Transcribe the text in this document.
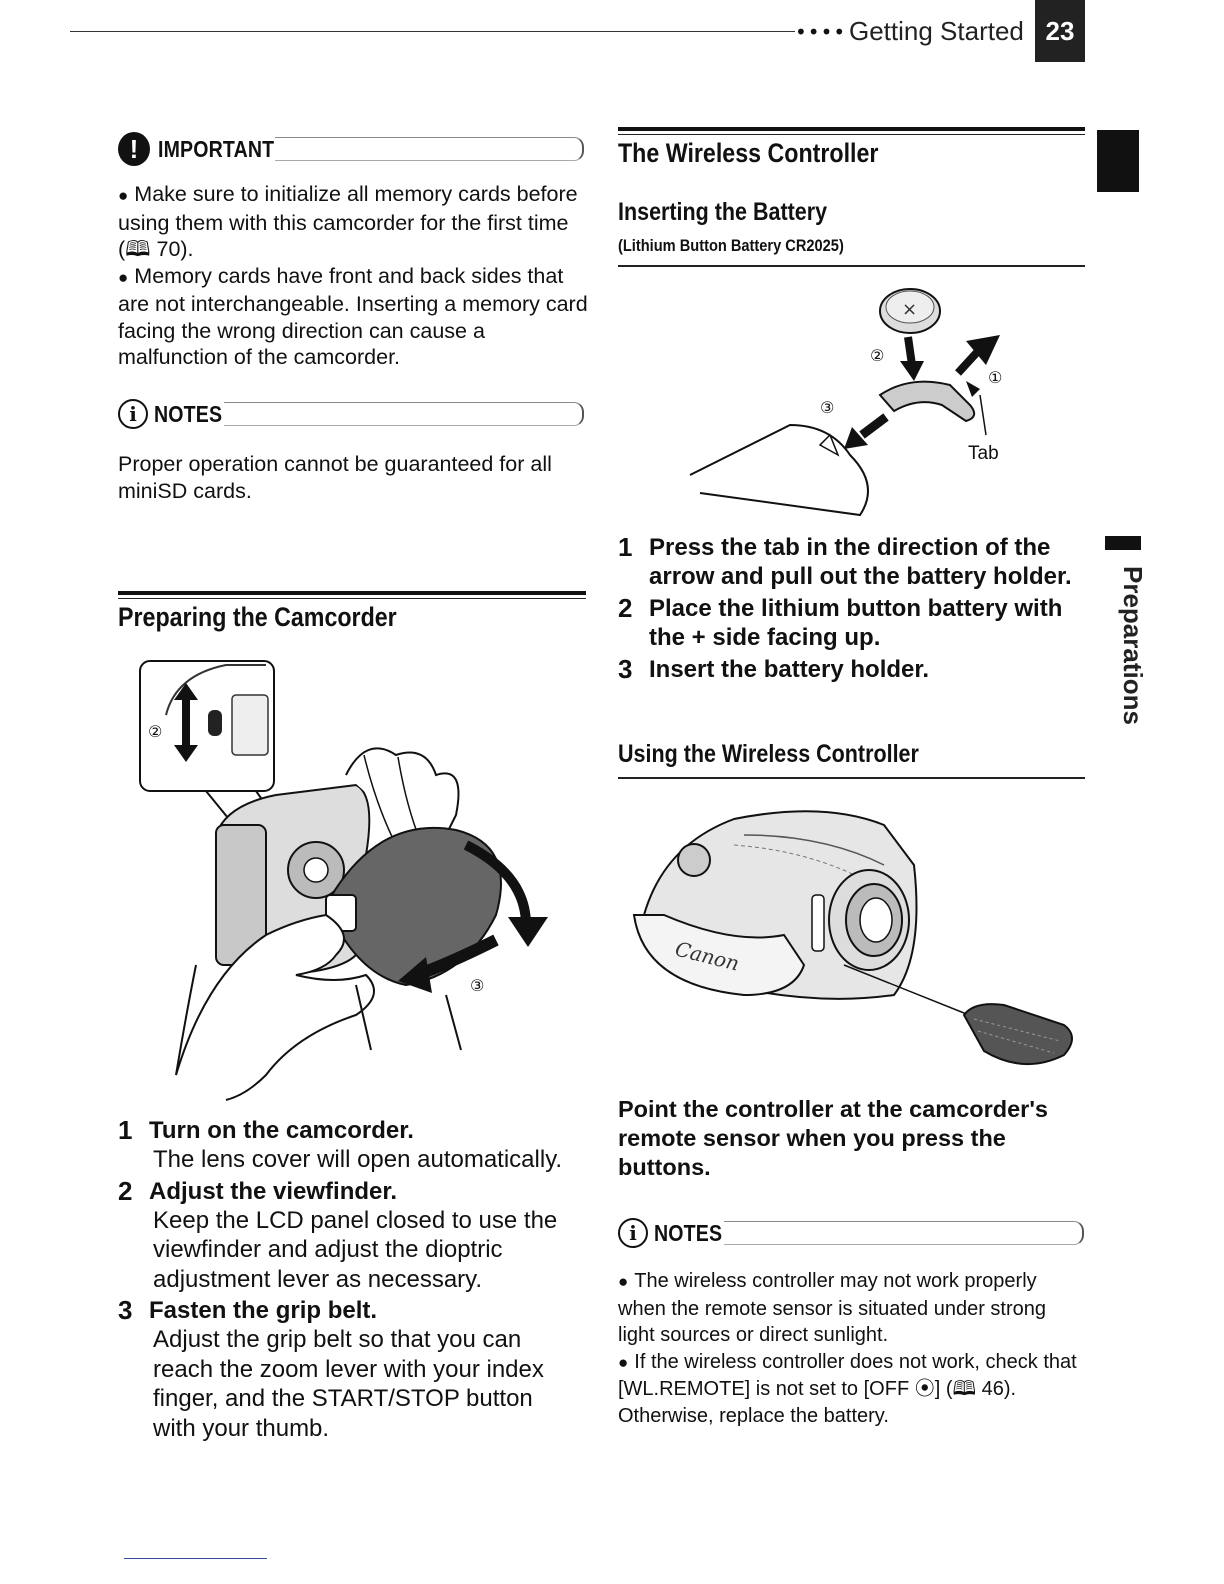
•••• Getting Started 23
Preparations
! IMPORTANT

● Make sure to initialize all memory cards before using them with this camcorder for the first time (🕮 70).

● Memory cards have front and back sides that are not interchangeable. Inserting a memory card facing the wrong direction can cause a malfunction of the camcorder.

i NOTES
Proper operation cannot be guaranteed for all miniSD cards.
Preparing the Camcorder
②
③
1 Turn on the camcorder.
The lens cover will open automatically.
2 Adjust the viewfinder.
Keep the LCD panel closed to use the viewfinder and adjust the dioptric adjustment lever as necessary.
3 Fasten the grip belt.
Adjust the grip belt so that you can reach the zoom lever with your index finger, and the START/STOP button with your thumb.
The Wireless Controller
Inserting the Battery
(Lithium Button Battery CR2025)
×
②
①
③
Tab
1 Press the tab in the direction of the arrow and pull out the battery holder.
2 Place the lithium button battery with the + side facing up.
3 Insert the battery holder.
Using the Wireless Controller
Canon
Point the controller at the camcorder's remote sensor when you press the buttons.
i NOTES

● The wireless controller may not work properly when the remote sensor is situated under strong light sources or direct sunlight.

● If the wireless controller does not work, check that [WL.REMOTE] is not set to [OFF ⦿] (🕮 46). Otherwise, replace the battery.
